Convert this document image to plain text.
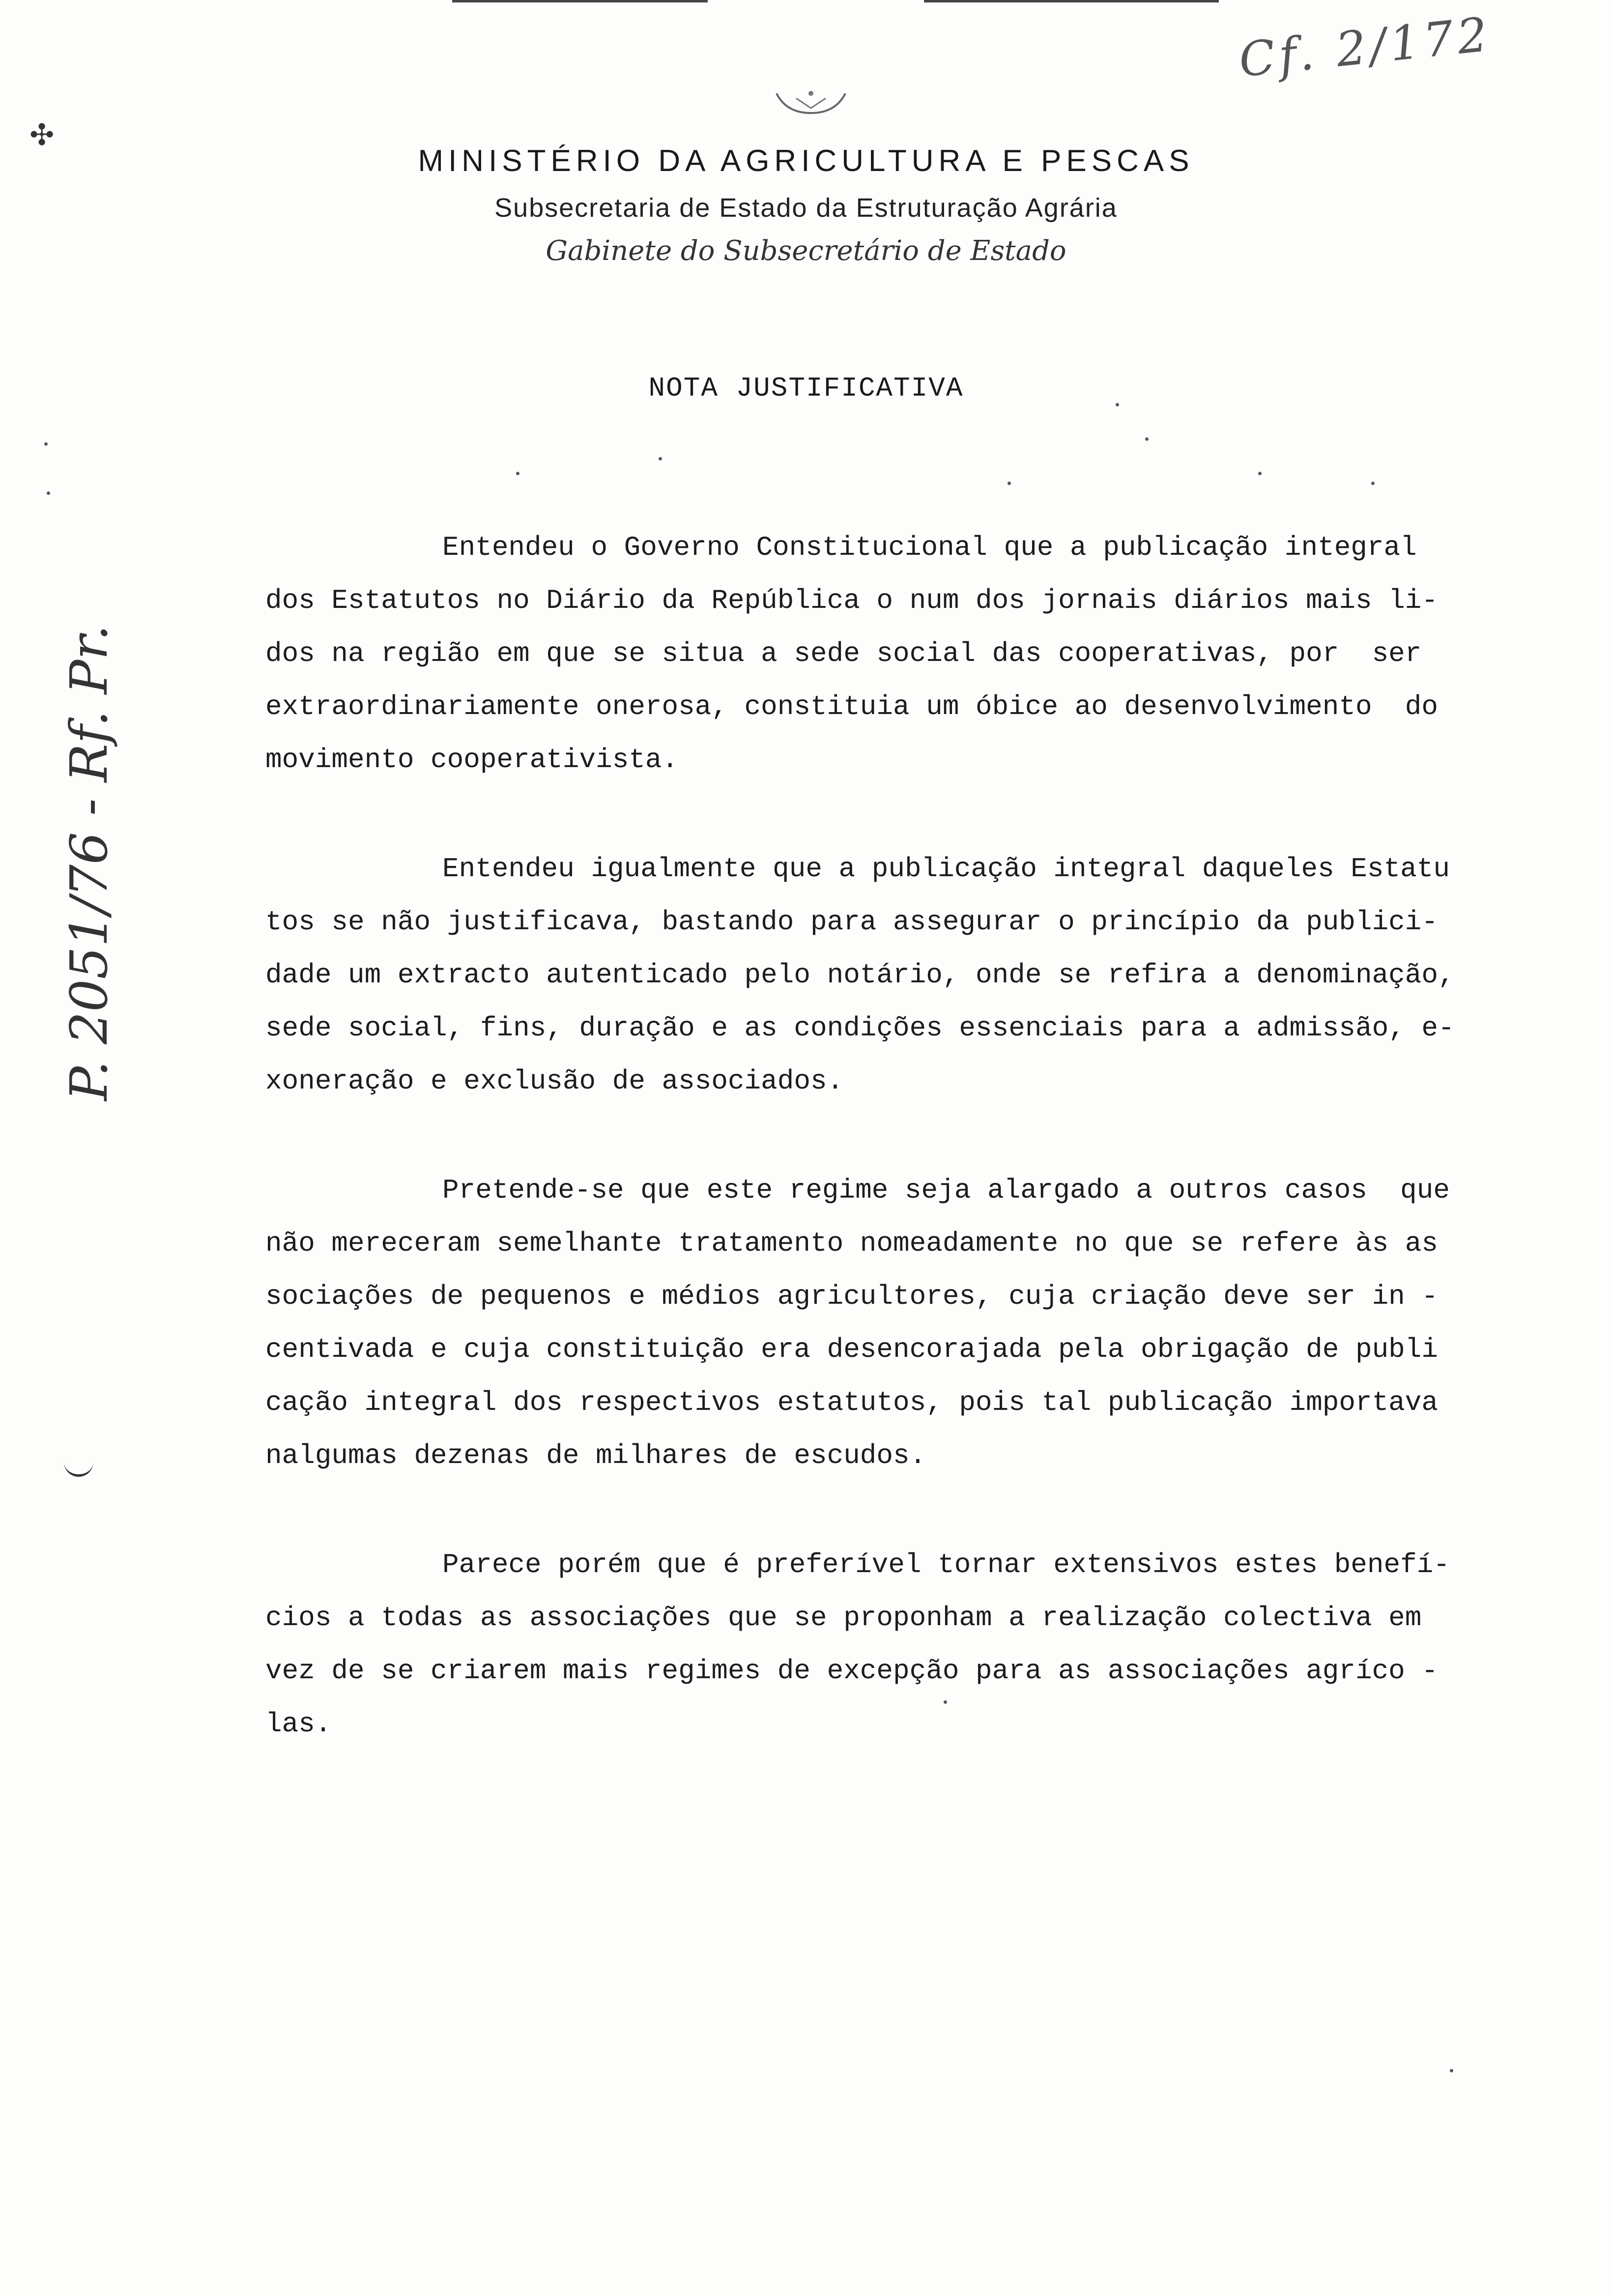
Cf. 2/172
MINISTÉRIO DA AGRICULTURA E PESCAS
Subsecretaria de Estado da Estruturação Agrária
Gabinete do Subsecretário de Estado
NOTA JUSTIFICATIVA
✣
P. 2051/76 - Rf. Pr.

Entendeu o Governo Constitucional que a publicação integral
dos Estatutos no Diário da República o num dos jornais diários mais li-
dos na região em que se situa a sede social das cooperativas, por  ser
extraordinariamente onerosa, constituia um óbice ao desenvolvimento  do
movimento cooperativista.

Entendeu igualmente que a publicação integral daqueles Estatu
tos se não justificava, bastando para assegurar o princípio da publici-
dade um extracto autenticado pelo notário, onde se refira a denominação,
sede social, fins, duração e as condições essenciais para a admissão, e-
xoneração e exclusão de associados.

Pretende-se que este regime seja alargado a outros casos  que
não mereceram semelhante tratamento nomeadamente no que se refere às as
sociações de pequenos e médios agricultores, cuja criação deve ser in -
centivada e cuja constituição era desencorajada pela obrigação de publi
cação integral dos respectivos estatutos, pois tal publicação importava
nalgumas dezenas de milhares de escudos.

Parece porém que é preferível tornar extensivos estes benefí-
cios a todas as associações que se proponham a realização colectiva em
vez de se criarem mais regimes de excepção para as associações agríco -
las.
